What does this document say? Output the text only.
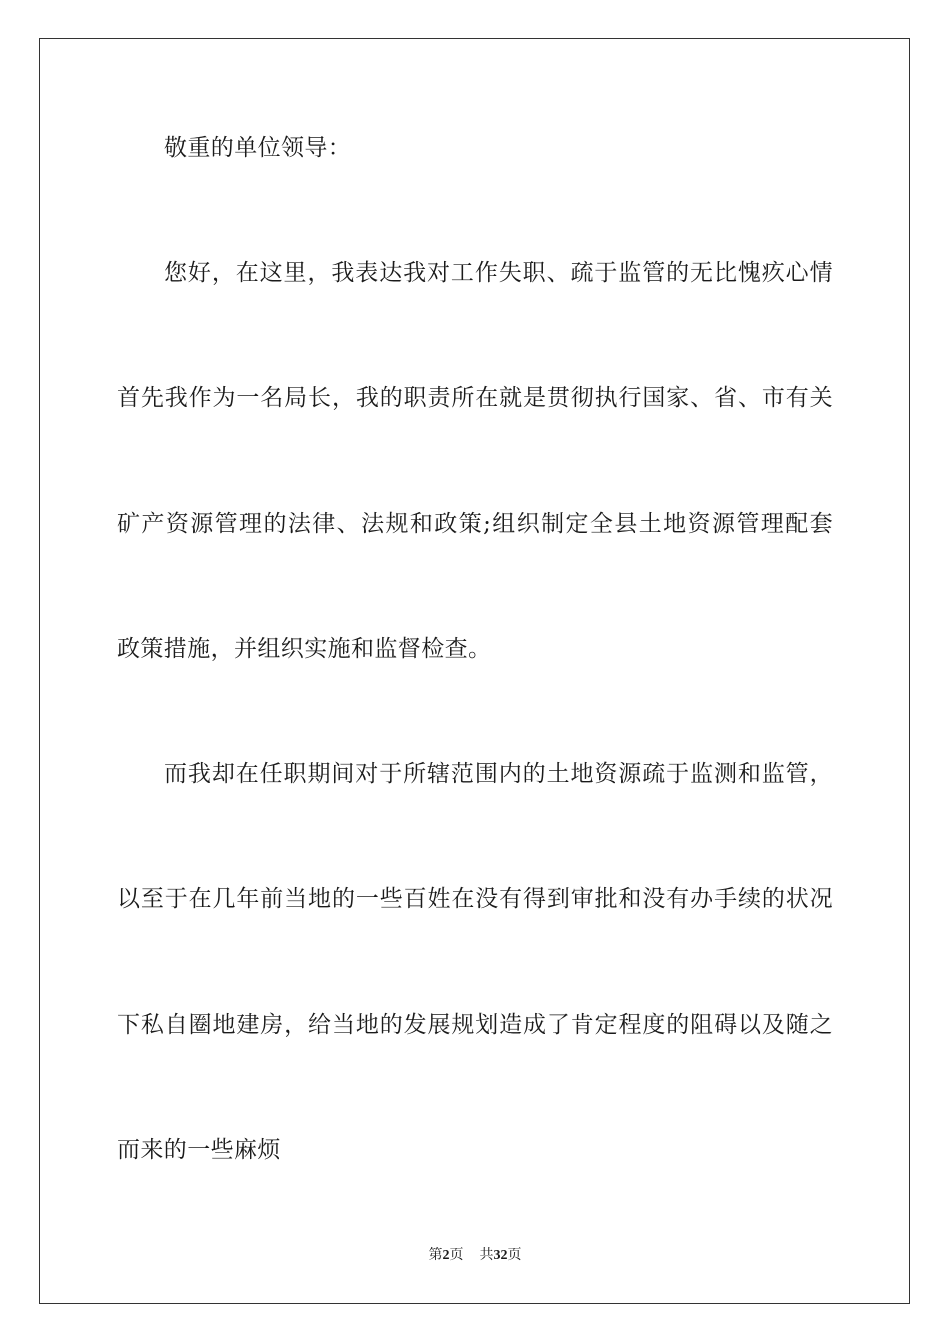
敬重的单位领导：
您好，在这里，我表达我对工作失职、疏于监管的无比愧疚心情
首先我作为一名局长，我的职责所在就是贯彻执行国家、省、市有关
矿产资源管理的法律、法规和政策;组织制定全县土地资源管理配套
政策措施，并组织实施和监督检查。
而我却在任职期间对于所辖范围内的土地资源疏于监测和监管，
以至于在几年前当地的一些百姓在没有得到审批和没有办手续的状况
下私自圈地建房，给当地的发展规划造成了肯定程度的阻碍以及随之
而来的一些麻烦
第2页 共32页
